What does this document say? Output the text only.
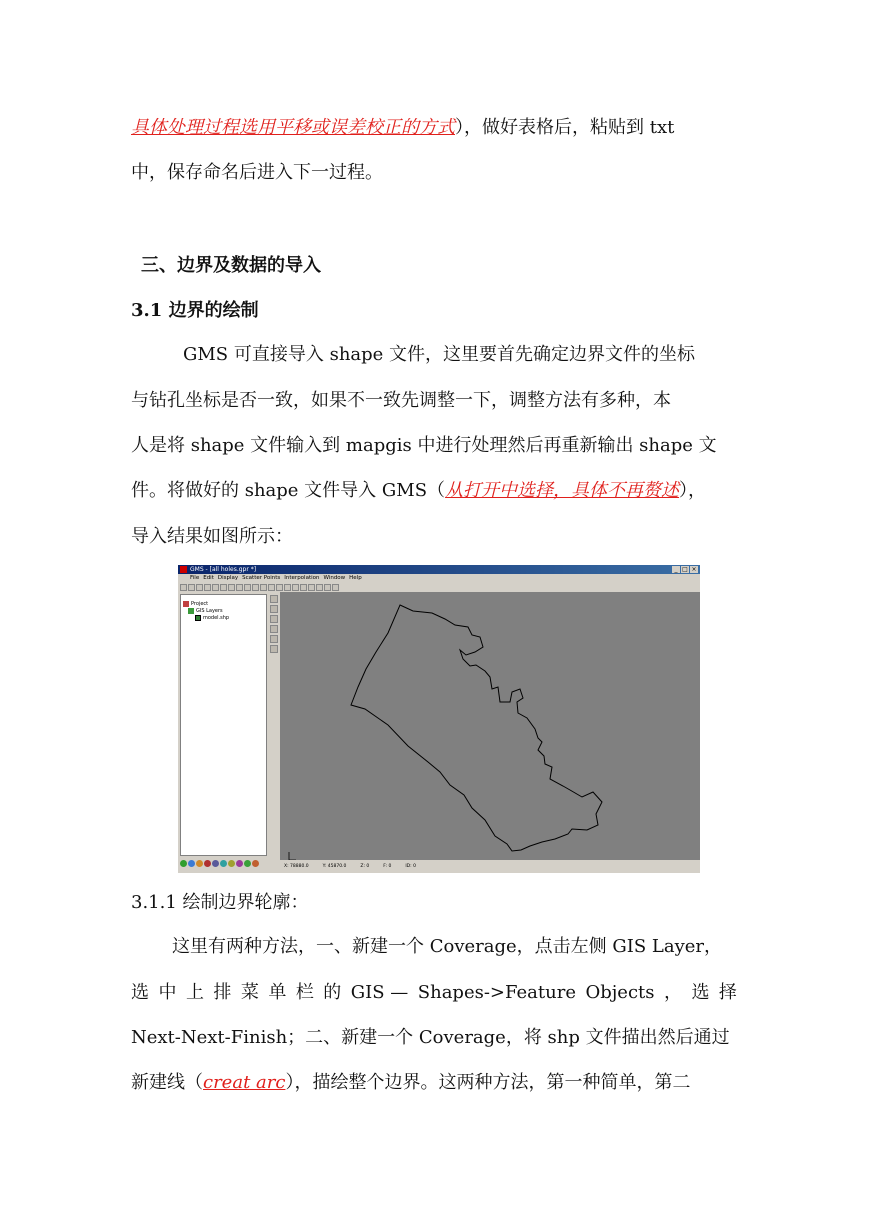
具体处理过程选用平移或误差校正的方式），做好表格后，粘贴到 txt
中，保存命名后进入下一过程。
三、边界及数据的导入
3.1 边界的绘制
GMS 可直接导入 shape 文件，这里要首先确定边界文件的坐标
与钻孔坐标是否一致，如果不一致先调整一下，调整方法有多种，本
人是将 shape 文件输入到 mapgis 中进行处理然后再重新输出 shape 文
件。将做好的 shape 文件导入 GMS（从打开中选择，具体不再赘述），
导入结果如图所示：
GMS - [all holes.gpr *]	_ □ ×
File Edit Display Scatter Points Interpolation Window Help
Project
GIS Layers
model.shp
X: 78880.0	Y: 45870.0	Z: 0	F: 0	ID: 0
3.1.1 绘制边界轮廓：
这里有两种方法，一、新建一个 Coverage，点击左侧 GIS Layer，
选 中 上 排 菜 单 栏 的 GIS — Shapes->Feature Objects ， 选 择
Next-Next-Finish；二、新建一个 Coverage，将 shp 文件描出然后通过
新建线（creat arc），描绘整个边界。这两种方法，第一种简单，第二
